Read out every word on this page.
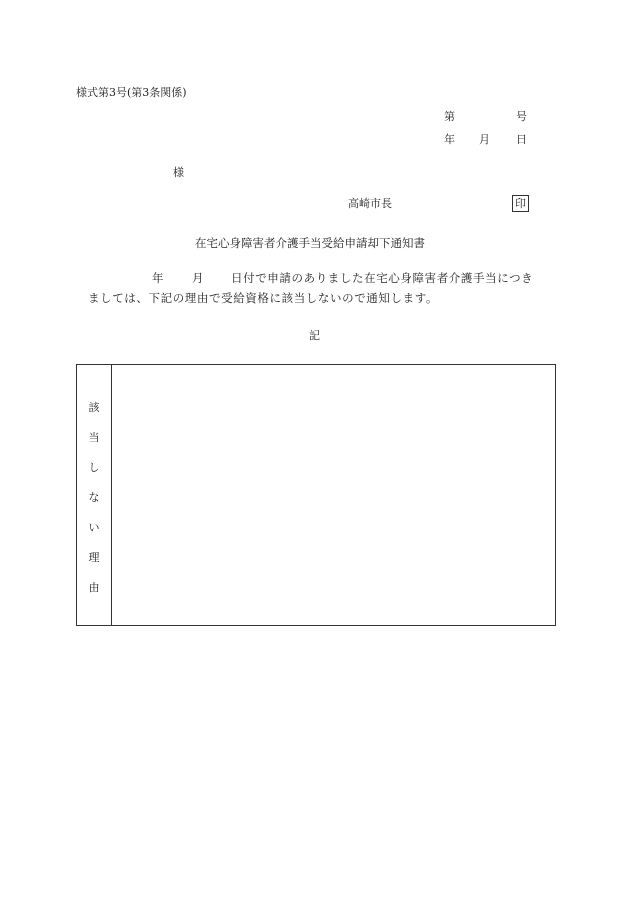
様式第3号(第3条関係)
第	号
年 月 日
様
高崎市長	印
在宅心身障害者介護手当受給申請却下通知書
年 月 日付で申請のありました在宅心身障害者介護手当につき
ましては、下記の理由で受給資格に該当しないので通知します。
記
該
当
し
な
い
理
由
